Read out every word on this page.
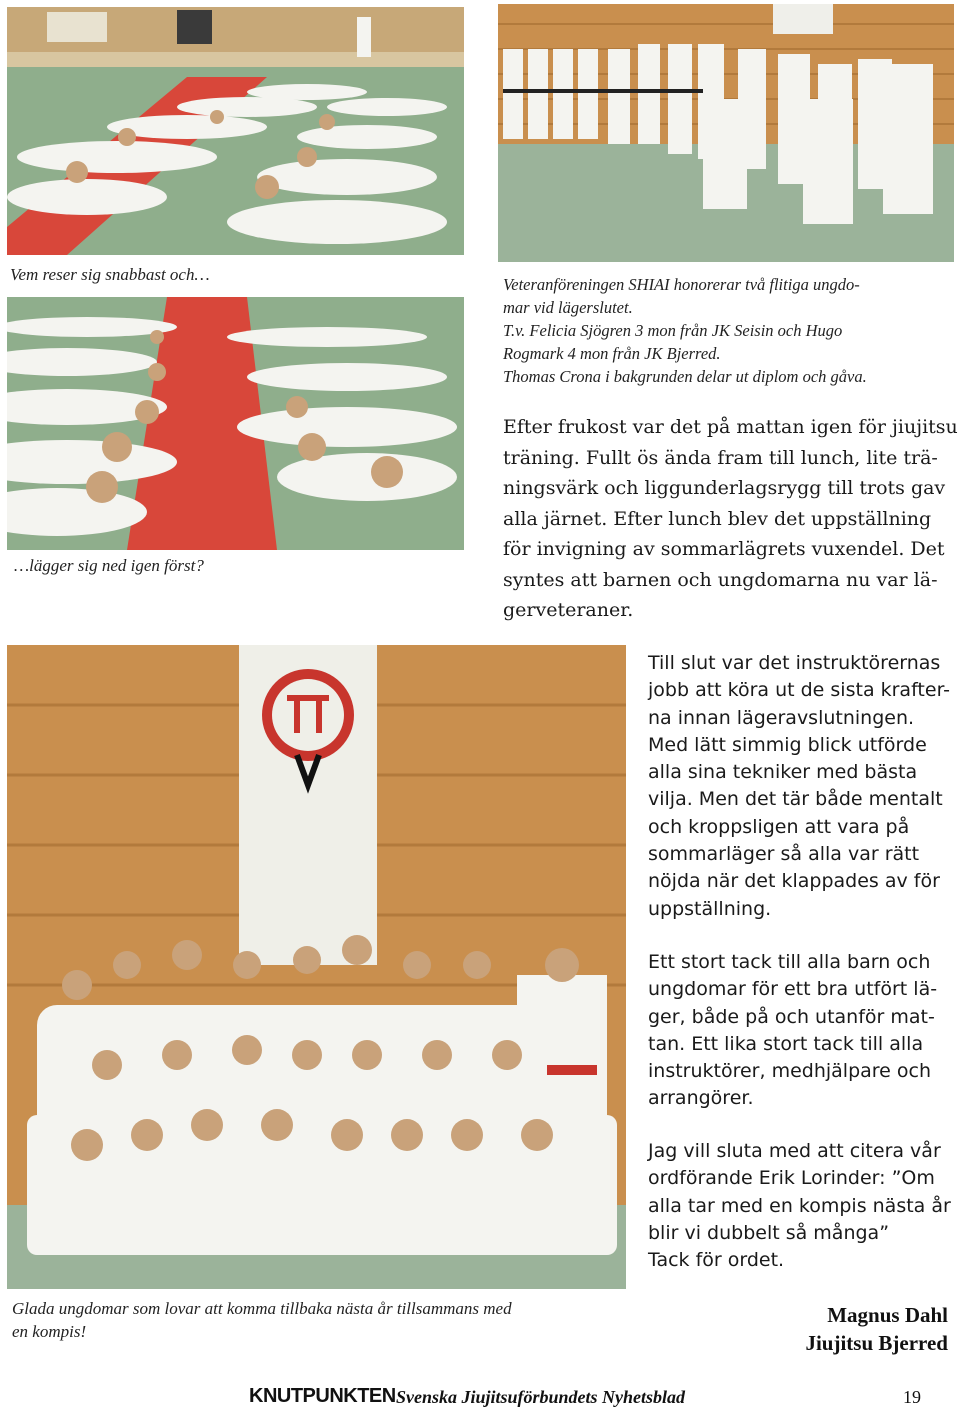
Vem reser sig snabbast och…
Veteranföreningen SHIAI honorerar två flitiga ungdo-
mar vid lägerslutet.
T.v. Felicia Sjögren 3 mon från JK Seisin och Hugo
Rogmark 4 mon från JK Bjerred.
Thomas Crona i bakgrunden delar ut diplom och gåva.
…lägger sig ned igen först?
Efter frukost var det på mattan igen för jiujitsu
träning. Fullt ös ända fram till lunch, lite trä-
ningsvärk och liggunderlagsrygg till trots gav
alla järnet. Efter lunch blev det uppställning
för invigning av sommarlägrets vuxendel. Det
syntes att barnen och ungdomarna nu var lä-
gerveteraner.
Till slut var det instruktörernas
jobb att köra ut de sista krafter-
na innan lägeravslutningen.
Med lätt simmig blick utförde
alla sina tekniker med bästa
vilja. Men det tär både mentalt
och kroppsligen att vara på
sommarläger så alla var rätt
nöjda när det klappades av för
uppställning.
Ett stort tack till alla barn och
ungdomar för ett bra utfört lä-
ger, både på och utanför mat-
tan. Ett lika stort tack till alla
instruktörer, medhjälpare och
arrangörer.
Jag vill sluta med att citera vår
ordförande Erik Lorinder: ”Om
alla tar med en kompis nästa år
blir vi dubbelt så många”
Tack för ordet.
Glada ungdomar som lovar att komma tillbaka nästa år tillsammans med
en kompis!
Magnus Dahl
Jiujitsu Bjerred
KNUTPUNKTEN Svenska Jiujitsuförbundets Nyhetsblad	19
